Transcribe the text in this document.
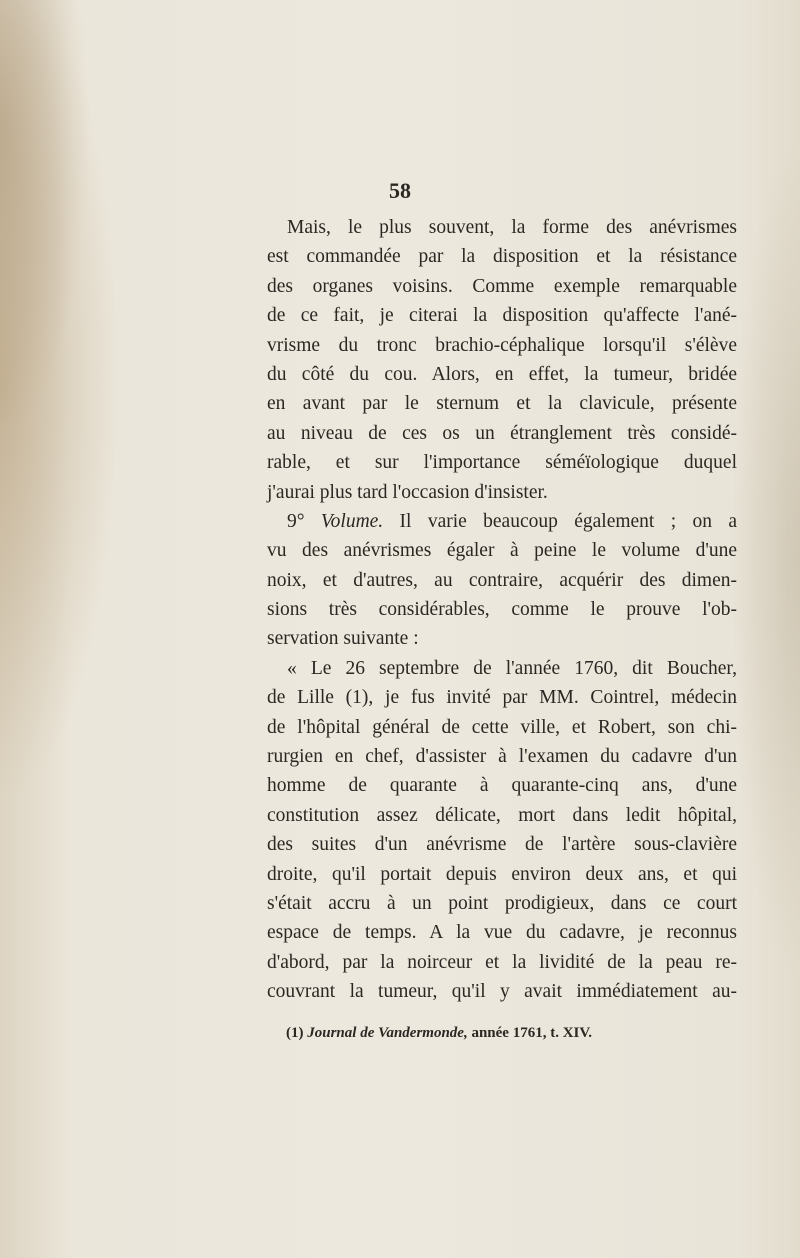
58
Mais, le plus souvent, la forme des anévrismes
est commandée par la disposition et la résistance
des organes voisins. Comme exemple remarquable
de ce fait, je citerai la disposition qu'affecte l'ané-
vrisme du tronc brachio-céphalique lorsqu'il s'élève
du côté du cou. Alors, en effet, la tumeur, bridée
en avant par le sternum et la clavicule, présente
au niveau de ces os un étranglement très considé-
rable, et sur l'importance séméïologique duquel
j'aurai plus tard l'occasion d'insister.
9° Volume. Il varie beaucoup également ; on a
vu des anévrismes égaler à peine le volume d'une
noix, et d'autres, au contraire, acquérir des dimen-
sions très considérables, comme le prouve l'ob-
servation suivante :
« Le 26 septembre de l'année 1760, dit Boucher,
de Lille (1), je fus invité par MM. Cointrel, médecin
de l'hôpital général de cette ville, et Robert, son chi-
rurgien en chef, d'assister à l'examen du cadavre d'un
homme de quarante à quarante-cinq ans, d'une
constitution assez délicate, mort dans ledit hôpital,
des suites d'un anévrisme de l'artère sous-clavière
droite, qu'il portait depuis environ deux ans, et qui
s'était accru à un point prodigieux, dans ce court
espace de temps. A la vue du cadavre, je reconnus
d'abord, par la noirceur et la lividité de la peau re-
couvrant la tumeur, qu'il y avait immédiatement au-
(1) Journal de Vandermonde, année 1761, t. XIV.
